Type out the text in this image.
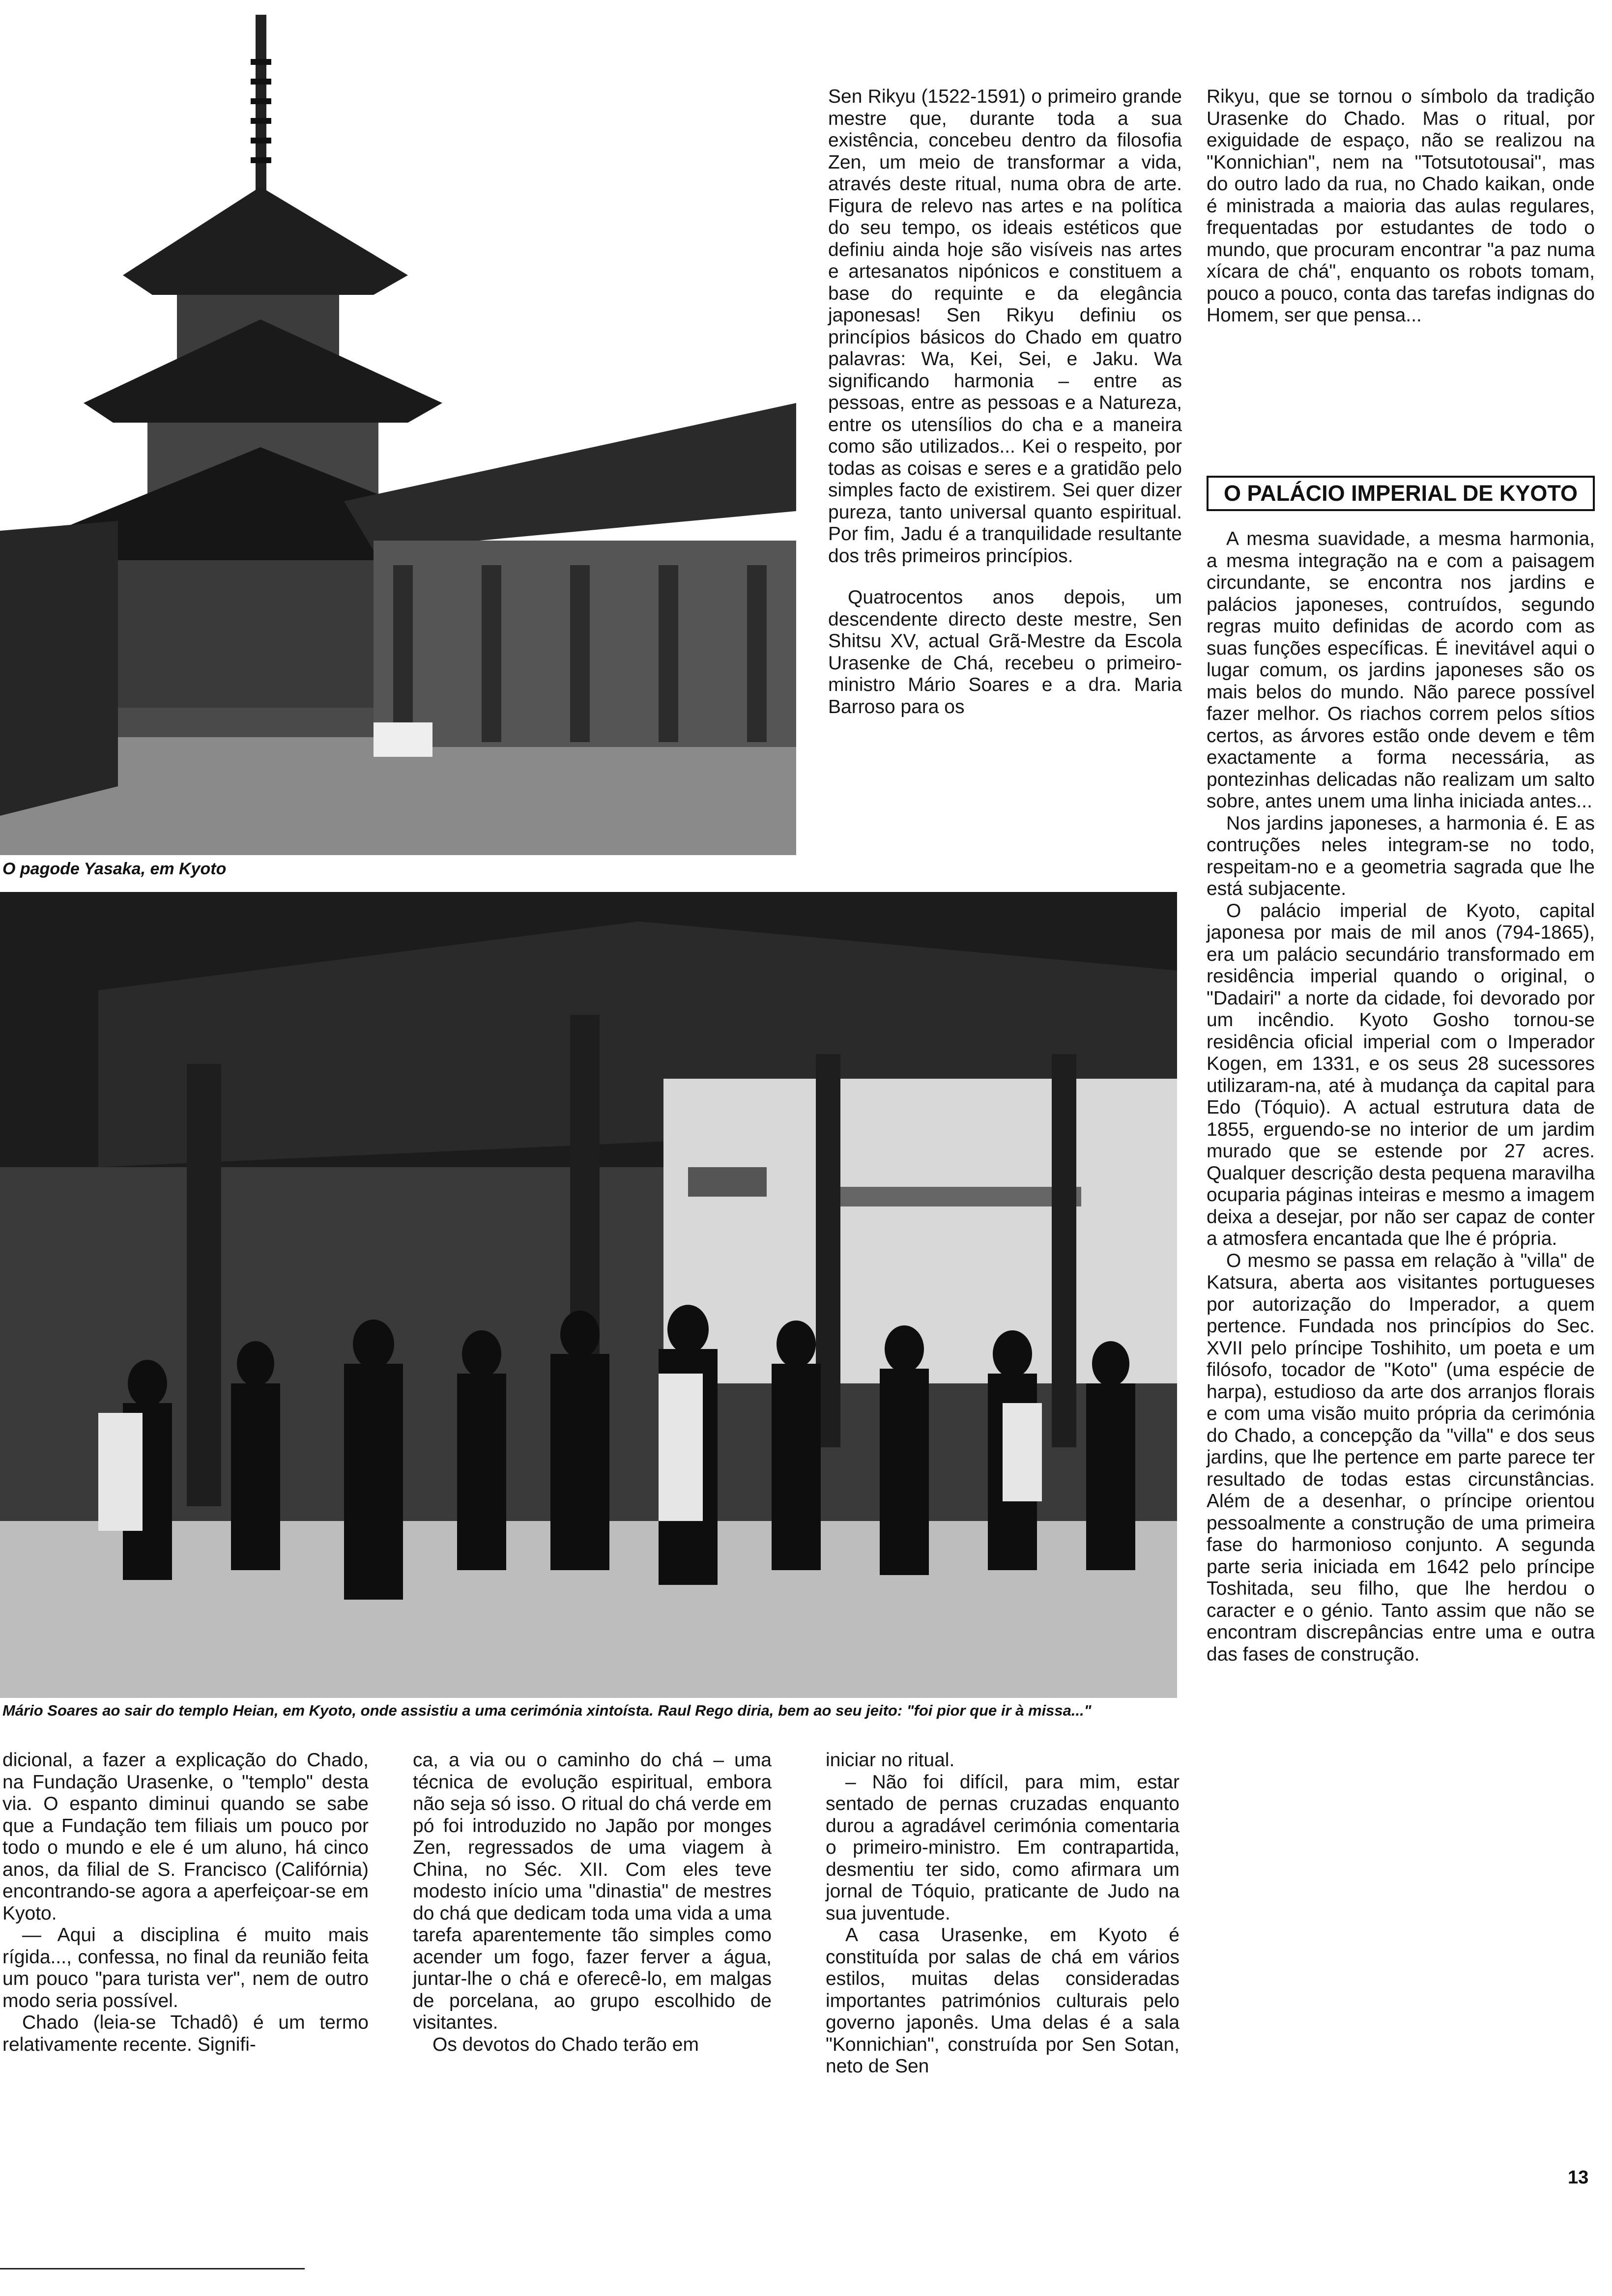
O pagode Yasaka, em Kyoto
Mário Soares ao sair do templo Heian, em Kyoto, onde assistiu a uma cerimónia xintoísta. Raul Rego diria, bem ao seu jeito: "foi pior que ir à missa..."

Sen Rikyu (1522-1591) o primeiro grande mestre que, durante toda a sua existência, concebeu dentro da filosofia Zen, um meio de transformar a vida, através deste ritual, numa obra de arte. Figura de relevo nas artes e na política do seu tempo, os ideais estéticos que definiu ainda hoje são visíveis nas artes e artesanatos nipónicos e constituem a base do requinte e da elegância japonesas! Sen Rikyu definiu os princípios básicos do Chado em quatro palavras: Wa, Kei, Sei, e Jaku. Wa significando harmonia – entre as pessoas, entre as pessoas e a Natureza, entre os utensílios do cha e a maneira como são utilizados... Kei o respeito, por todas as coisas e seres e a gratidão pelo simples facto de existirem. Sei quer dizer pureza, tanto universal quanto espiritual. Por fim, Jadu é a tranquilidade resultante dos três primeiros princípios.

Quatrocentos anos depois, um descendente directo deste mestre, Sen Shitsu XV, actual Grã-Mestre da Escola Urasenke de Chá, recebeu o primeiro-ministro Mário Soares e a dra. Maria Barroso para os

Rikyu, que se tornou o símbolo da tradição Urasenke do Chado. Mas o ritual, por exiguidade de espaço, não se realizou na "Konnichian", nem na "Totsutotousai", mas do outro lado da rua, no Chado kaikan, onde é ministrada a maioria das aulas regulares, frequentadas por estudantes de todo o mundo, que procuram encontrar "a paz numa xícara de chá", enquanto os robots tomam, pouco a pouco, conta das tarefas indignas do Homem, ser que pensa...

O PALÁCIO IMPERIAL DE KYOTO

A mesma suavidade, a mesma harmonia, a mesma integração na e com a paisagem circundante, se encontra nos jardins e palácios japoneses, contruídos, segundo regras muito definidas de acordo com as suas funções específicas. É inevitável aqui o lugar comum, os jardins japoneses são os mais belos do mundo. Não parece possível fazer melhor. Os riachos correm pelos sítios certos, as árvores estão onde devem e têm exactamente a forma necessária, as pontezinhas delicadas não realizam um salto sobre, antes unem uma linha iniciada antes...

Nos jardins japoneses, a harmonia é. E as contruções neles integram-se no todo, respeitam-no e a geometria sagrada que lhe está subjacente.

O palácio imperial de Kyoto, capital japonesa por mais de mil anos (794-1865), era um palácio secundário transformado em residência imperial quando o original, o "Dadairi" a norte da cidade, foi devorado por um incêndio. Kyoto Gosho tornou-se residência oficial imperial com o Imperador Kogen, em 1331, e os seus 28 sucessores utilizaram-na, até à mudança da capital para Edo (Tóquio). A actual estrutura data de 1855, erguendo-se no interior de um jardim murado que se estende por 27 acres. Qualquer descrição desta pequena maravilha ocuparia páginas inteiras e mesmo a imagem deixa a desejar, por não ser capaz de conter a atmosfera encantada que lhe é própria.

O mesmo se passa em relação à "villa" de Katsura, aberta aos visitantes portugueses por autorização do Imperador, a quem pertence. Fundada nos princípios do Sec. XVII pelo príncipe Toshihito, um poeta e um filósofo, tocador de "Koto" (uma espécie de harpa), estudioso da arte dos arranjos florais e com uma visão muito própria da cerimónia do Chado, a concepção da "villa" e dos seus jardins, que lhe pertence em parte parece ter resultado de todas estas circunstâncias. Além de a desenhar, o príncipe orientou pessoalmente a construção de uma primeira fase do harmonioso conjunto. A segunda parte seria iniciada em 1642 pelo príncipe Toshitada, seu filho, que lhe herdou o caracter e o génio. Tanto assim que não se encontram discrepâncias entre uma e outra das fases de construção.

dicional, a fazer a explicação do Chado, na Fundação Urasenke, o "templo" desta via. O espanto diminui quando se sabe que a Fundação tem filiais um pouco por todo o mundo e ele é um aluno, há cinco anos, da filial de S. Francisco (Califórnia) encontrando-se agora a aperfeiçoar-se em Kyoto.

— Aqui a disciplina é muito mais rígida..., confessa, no final da reunião feita um pouco "para turista ver", nem de outro modo seria possível.

Chado (leia-se Tchadô) é um termo relativamente recente. Signifi-

ca, a via ou o caminho do chá – uma técnica de evolução espiritual, embora não seja só isso. O ritual do chá verde em pó foi introduzido no Japão por monges Zen, regressados de uma viagem à China, no Séc. XII. Com eles teve modesto início uma "dinastia" de mestres do chá que dedicam toda uma vida a uma tarefa aparentemente tão simples como acender um fogo, fazer ferver a água, juntar-lhe o chá e oferecê-lo, em malgas de porcelana, ao grupo escolhido de visitantes.

Os devotos do Chado terão em

iniciar no ritual.

– Não foi difícil, para mim, estar sentado de pernas cruzadas enquanto durou a agradável cerimónia comentaria o primeiro-ministro. Em contrapartida, desmentiu ter sido, como afirmara um jornal de Tóquio, praticante de Judo na sua juventude.

A casa Urasenke, em Kyoto é constituída por salas de chá em vários estilos, muitas delas consideradas importantes patrimónios culturais pelo governo japonês. Uma delas é a sala "Konnichian", construída por Sen Sotan, neto de Sen

13
